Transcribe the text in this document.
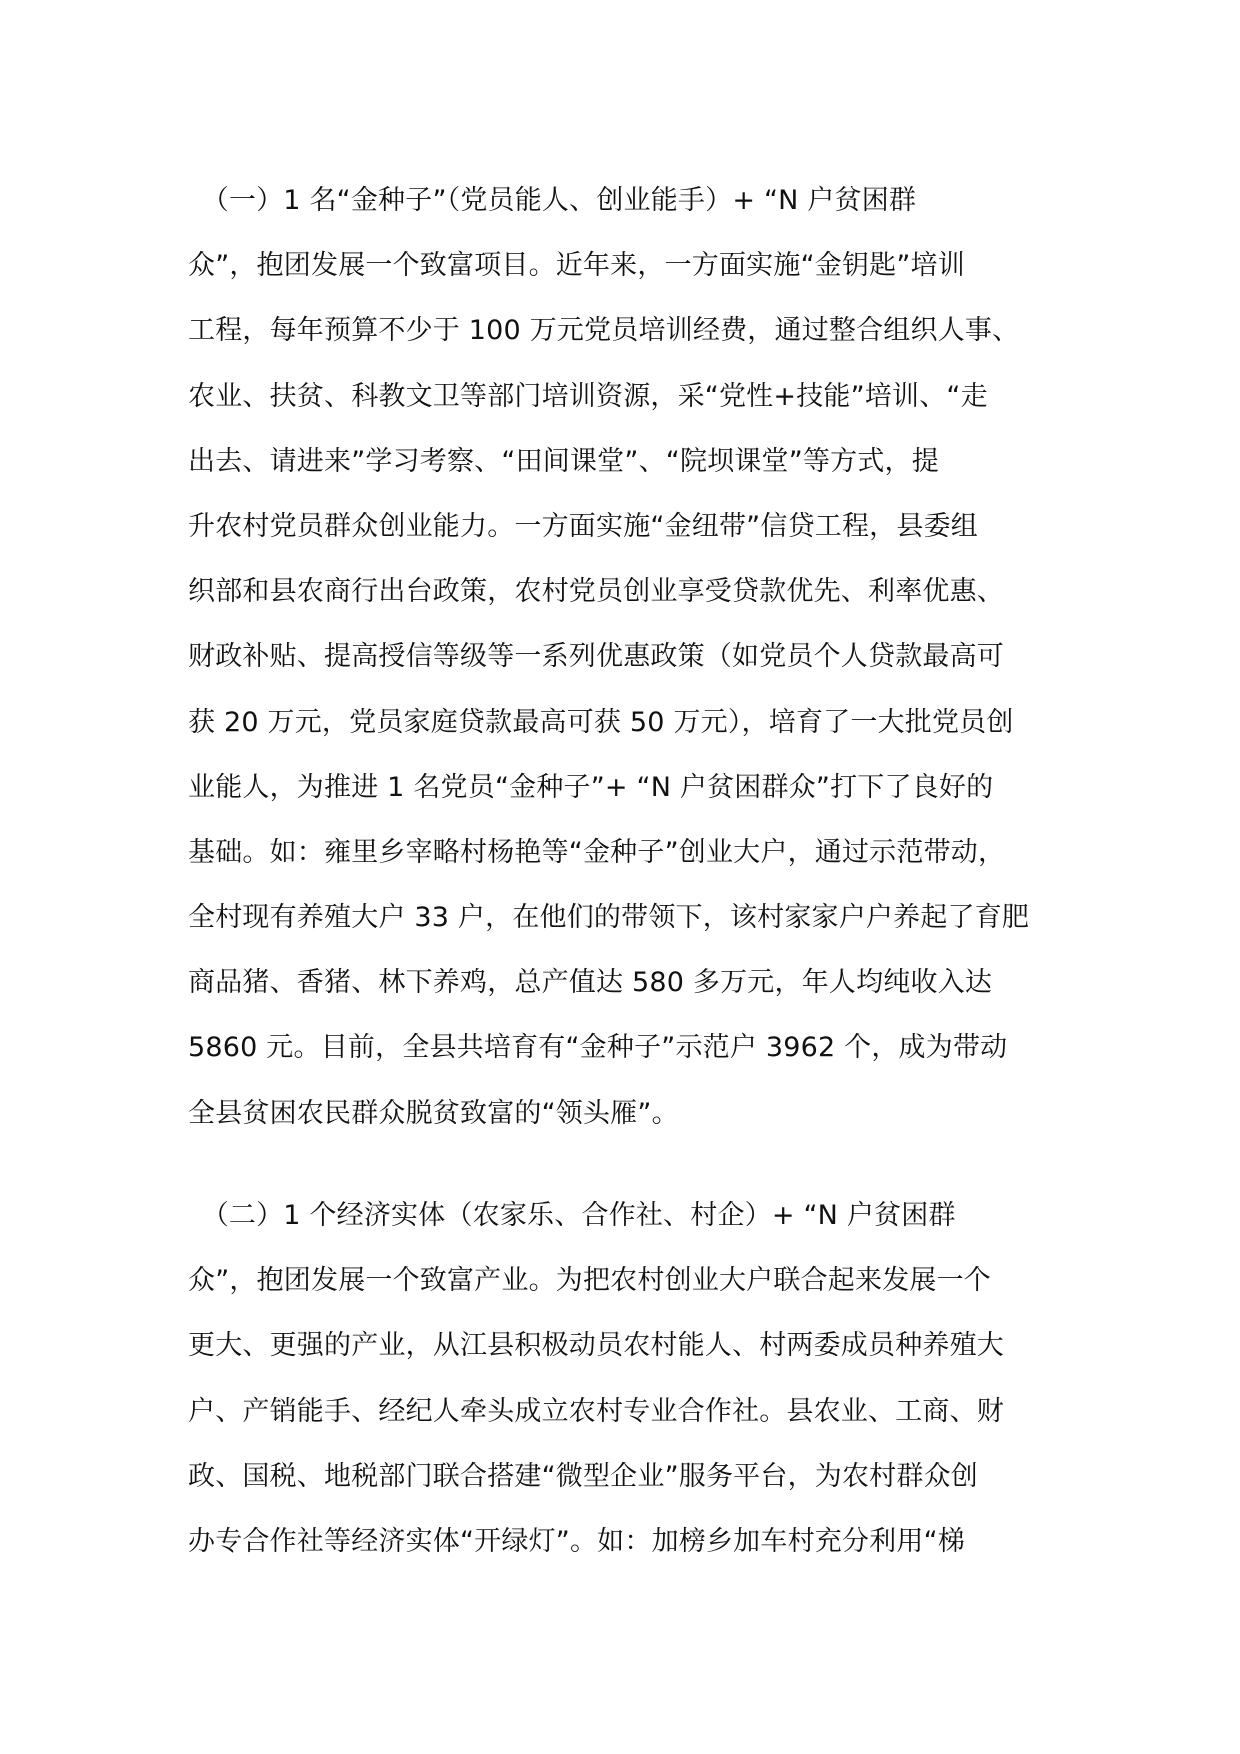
　（一）1 名“金种子”（党员能人、创业能手）+ “N 户贫困群
众”，抱团发展一个致富项目。近年来，一方面实施“金钥匙”培训
工程，每年预算不少于 100 万元党员培训经费，通过整合组织人事、
农业、扶贫、科教文卫等部门培训资源，采“党性+技能”培训、“走
出去、请进来”学习考察、“田间课堂”、“院坝课堂”等方式，提
升农村党员群众创业能力。一方面实施“金纽带”信贷工程，县委组
织部和县农商行出台政策，农村党员创业享受贷款优先、利率优惠、
财政补贴、提高授信等级等一系列优惠政策（如党员个人贷款最高可
获 20 万元，党员家庭贷款最高可获 50 万元），培育了一大批党员创
业能人，为推进 1 名党员“金种子”+ “N 户贫困群众”打下了良好的
基础。如：雍里乡宰略村杨艳等“金种子”创业大户，通过示范带动，
全村现有养殖大户 33 户，在他们的带领下，该村家家户户养起了育肥
商品猪、香猪、林下养鸡，总产值达 580 多万元，年人均纯收入达
5860 元。目前，全县共培育有“金种子”示范户 3962 个，成为带动
全县贫困农民群众脱贫致富的“领头雁”。
　（二）1 个经济实体（农家乐、合作社、村企）+ “N 户贫困群
众”，抱团发展一个致富产业。为把农村创业大户联合起来发展一个
更大、更强的产业，从江县积极动员农村能人、村两委成员种养殖大
户、产销能手、经纪人牵头成立农村专业合作社。县农业、工商、财
政、国税、地税部门联合搭建“微型企业”服务平台，为农村群众创
办专合作社等经济实体“开绿灯”。如：加榜乡加车村充分利用“梯
